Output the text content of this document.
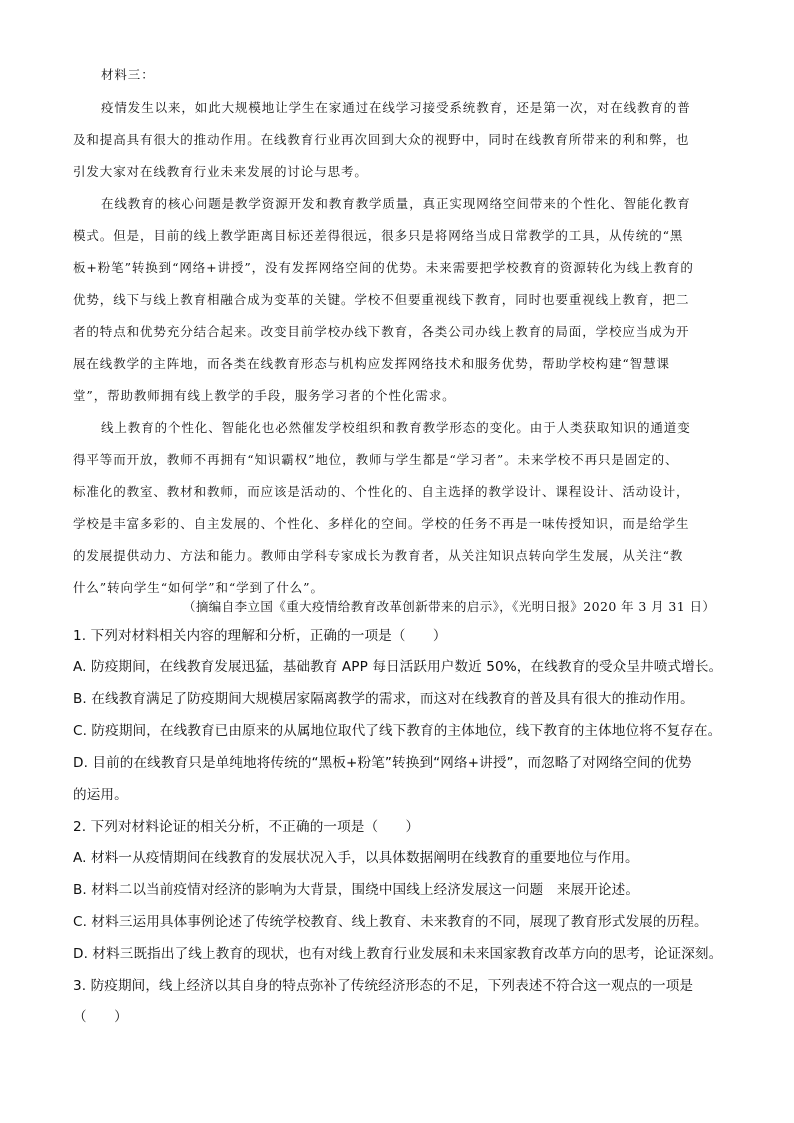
材料三：
疫情发生以来，如此大规模地让学生在家通过在线学习接受系统教育，还是第一次，对在线教育的普
及和提高具有很大的推动作用。在线教育行业再次回到大众的视野中，同时在线教育所带来的利和弊，也
引发大家对在线教育行业未来发展的讨论与思考。
在线教育的核心问题是教学资源开发和教育教学质量，真正实现网络空间带来的个性化、智能化教育
模式。但是，目前的线上教学距离目标还差得很远，很多只是将网络当成日常教学的工具，从传统的“黑
板+粉笔”转换到“网络+讲授”，没有发挥网络空间的优势。未来需要把学校教育的资源转化为线上教育的
优势，线下与线上教育相融合成为变革的关键。学校不但要重视线下教育，同时也要重视线上教育，把二
者的特点和优势充分结合起来。改变目前学校办线下教育，各类公司办线上教育的局面，学校应当成为开
展在线教学的主阵地，而各类在线教育形态与机构应发挥网络技术和服务优势，帮助学校构建“智慧课
堂”，帮助教师拥有线上教学的手段，服务学习者的个性化需求。
线上教育的个性化、智能化也必然催发学校组织和教育教学形态的变化。由于人类获取知识的通道变
得平等而开放，教师不再拥有“知识霸权”地位，教师与学生都是“学习者”。未来学校不再只是固定的、
标准化的教室、教材和教师，而应该是活动的、个性化的、自主选择的教学设计、课程设计、活动设计，
学校是丰富多彩的、自主发展的、个性化、多样化的空间。学校的任务不再是一味传授知识，而是给学生
的发展提供动力、方法和能力。教师由学科专家成长为教育者，从关注知识点转向学生发展，从关注“教
什么”转向学生“如何学”和“学到了什么”。
（摘编自李立国《重大疫情给教育改革创新带来的启示》，《光明日报》2020 年 3 月 31 日）
1. 下列对材料相关内容的理解和分析，正确的一项是（　　）
A. 防疫期间，在线教育发展迅猛，基础教育 APP 每日活跃用户数近 50%，在线教育的受众呈井喷式增长。
B. 在线教育满足了防疫期间大规模居家隔离教学的需求，而这对在线教育的普及具有很大的推动作用。
C. 防疫期间，在线教育已由原来的从属地位取代了线下教育的主体地位，线下教育的主体地位将不复存在。
D. 目前的在线教育只是单纯地将传统的“黑板+粉笔”转换到“网络+讲授”，而忽略了对网络空间的优势
的运用。
2. 下列对材料论证的相关分析，不正确的一项是（　　）
A. 材料一从疫情期间在线教育的发展状况入手，以具体数据阐明在线教育的重要地位与作用。
B. 材料二以当前疫情对经济的影响为大背景，围绕中国线上经济发展这一问题　来展开论述。
C. 材料三运用具体事例论述了传统学校教育、线上教育、未来教育的不同，展现了教育形式发展的历程。
D. 材料三既指出了线上教育的现状，也有对线上教育行业发展和未来国家教育改革方向的思考，论证深刻。
3. 防疫期间，线上经济以其自身的特点弥补了传统经济形态的不足，下列表述不符合这一观点的一项是
（　　）
